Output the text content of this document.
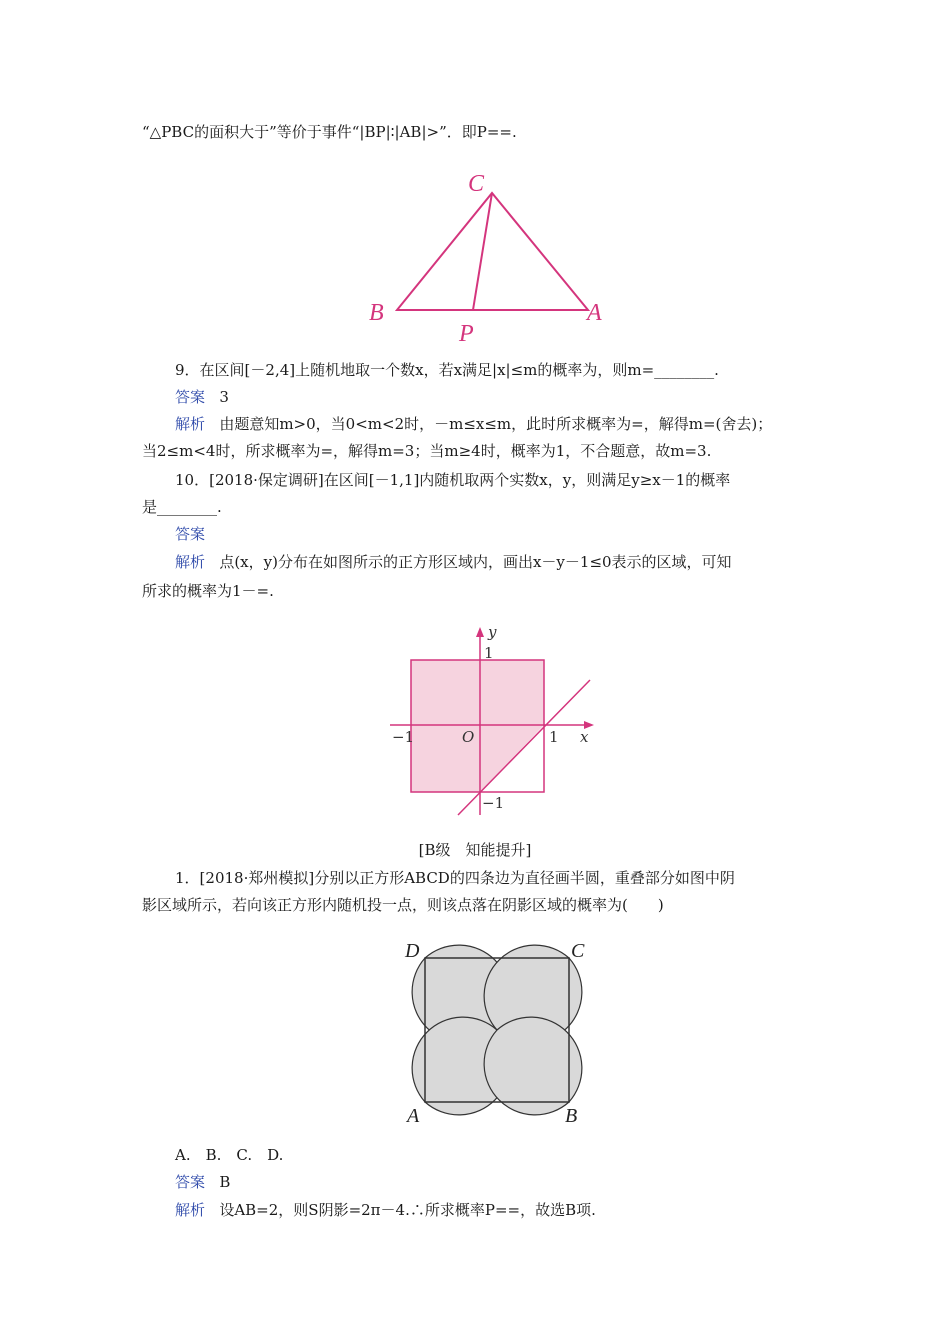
“△PBC的面积大于”等价于事件“|BP|∶|AB|>”．即P==.
C
B
P
A
9．在区间[－2,4]上随机地取一个数x，若x满足|x|≤m的概率为，则m=________.
答案 3
解析 由题意知m>0，当0<m<2时，－m≤x≤m，此时所求概率为=，解得m=(舍去)；
当2≤m<4时，所求概率为=，解得m=3；当m≥4时，概率为1，不合题意，故m=3.
10．[2018·保定调研]在区间[－1,1]内随机取两个实数x，y，则满足y≥x－1的概率
是________.
答案
解析 点(x，y)分布在如图所示的正方形区域内，画出x－y－1≤0表示的区域，可知
所求的概率为1－=.
y
x
1
1
−1
−1
O
[B级　知能提升]
1．[2018·郑州模拟]分别以正方形ABCD的四条边为直径画半圆，重叠部分如图中阴
影区域所示，若向该正方形内随机投一点，则该点落在阴影区域的概率为(　　)
D	C
A	B
A.　B.　C.　D.
答案 B
解析 设AB=2，则S阴影=2π－4.∴所求概率P==，故选B项.
